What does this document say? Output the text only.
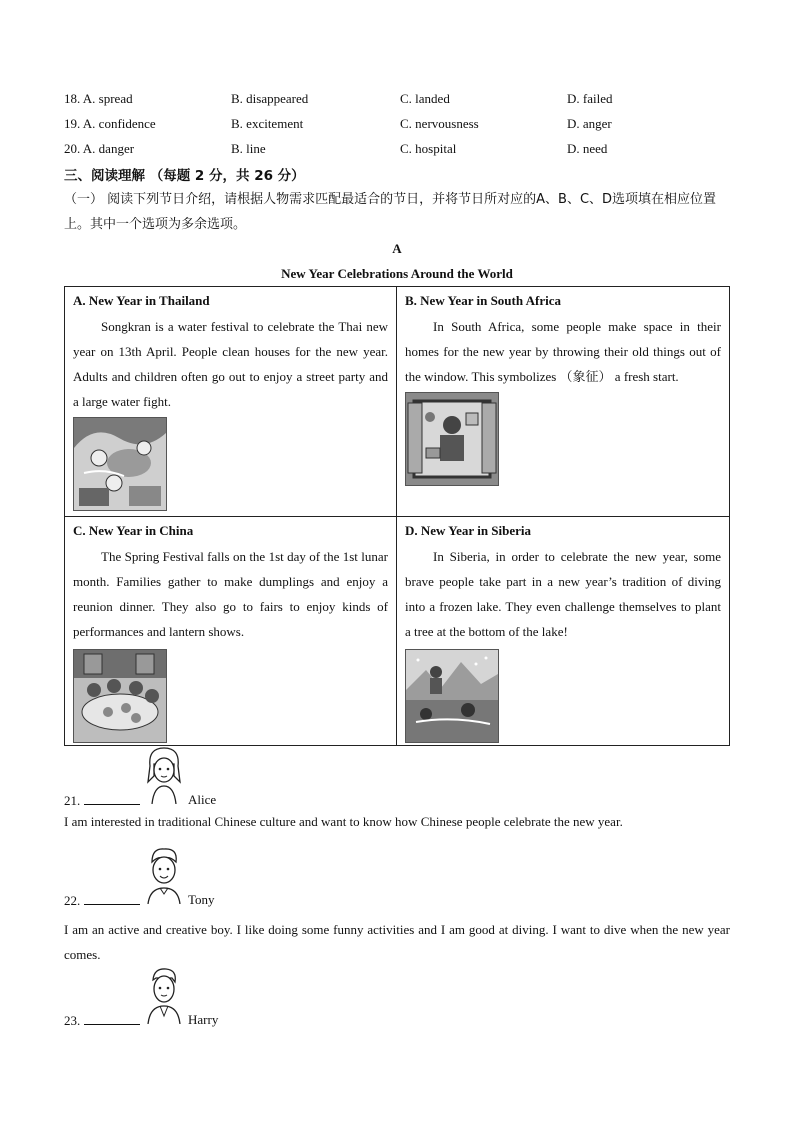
18. A. spread	B. disappeared	C. landed	D. failed
19. A. confidence	B. excitement	C. nervousness	D. anger
20. A. danger	B. line	C. hospital	D. need
三、阅读理解 （每题 2 分，共 26 分）
（一） 阅读下列节日介绍，请根据人物需求匹配最适合的节日，并将节日所对应的A、B、C、D选项填在相应位置上。其中一个选项为多余选项。
A
New Year Celebrations Around the World
A. New Year in Thailand

Songkran is a water festival to celebrate the Thai new year on 13th April. People clean houses for the new year. Adults and children often go out to enjoy a street party and a large water fight.

B. New Year in South Africa

In South Africa, some people make space in their homes for the new year by throwing their old things out of the window. This symbolizes （象征） a fresh start.

C. New Year in China

The Spring Festival falls on the 1st day of the 1st lunar month. Families gather to make dumplings and enjoy a reunion dinner. They also go to fairs to enjoy kinds of performances and lantern shows.

D. New Year in Siberia

In Siberia, in order to celebrate the new year, some brave people take part in a new year’s tradition of diving into a frozen lake. They even challenge themselves to plant a tree at the bottom of the lake!

21.	Alice
I am interested in traditional Chinese culture and want to know how Chinese people celebrate the new year.
22.	Tony
I am an active and creative boy. I like doing some funny activities and I am good at diving. I want to dive when the new year comes.
23.	Harry
